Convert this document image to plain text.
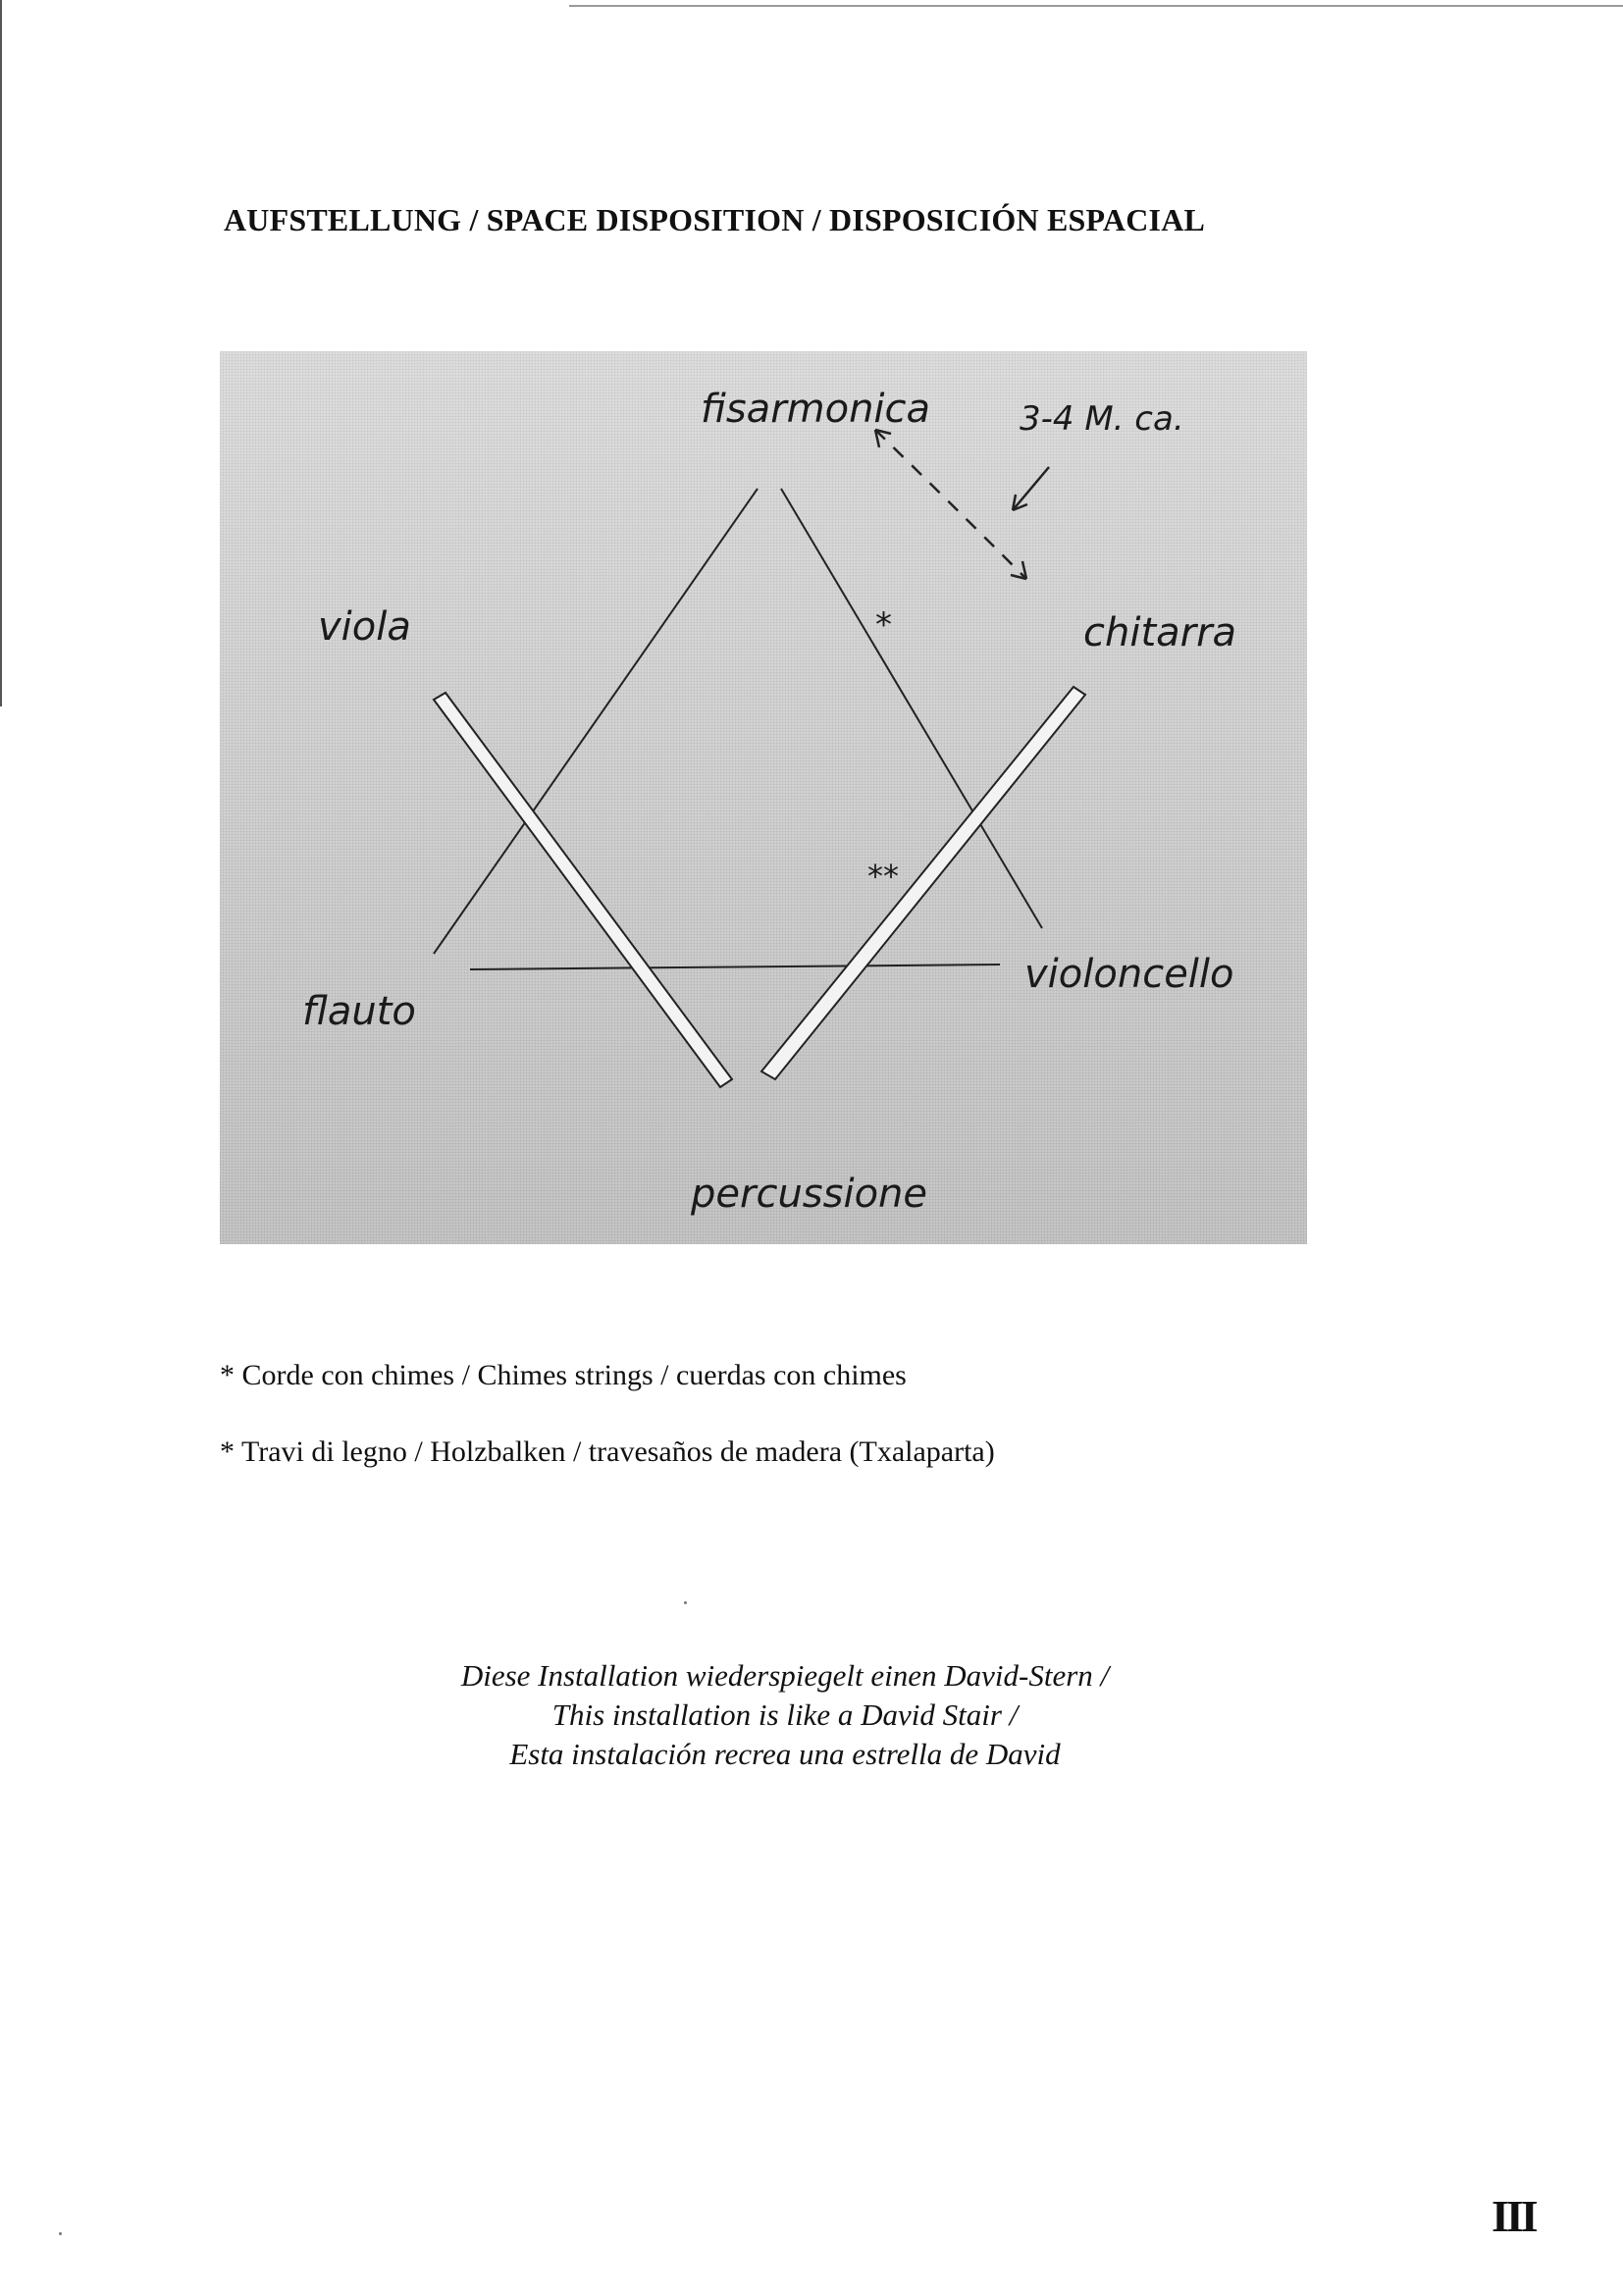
AUFSTELLUNG / SPACE DISPOSITION / DISPOSICIÓN ESPACIAL
*
**
fisarmonica	3-4 M. ca.
chitarra
viola
violoncello
flauto
percussione
* Corde con chimes / Chimes strings / cuerdas con chimes
* Travi di legno / Holzbalken / travesaños de madera (Txalaparta)
Diese Installation wiederspiegelt einen David-Stern /
This installation is like a David Stair /
Esta instalación recrea una estrella de David
III
